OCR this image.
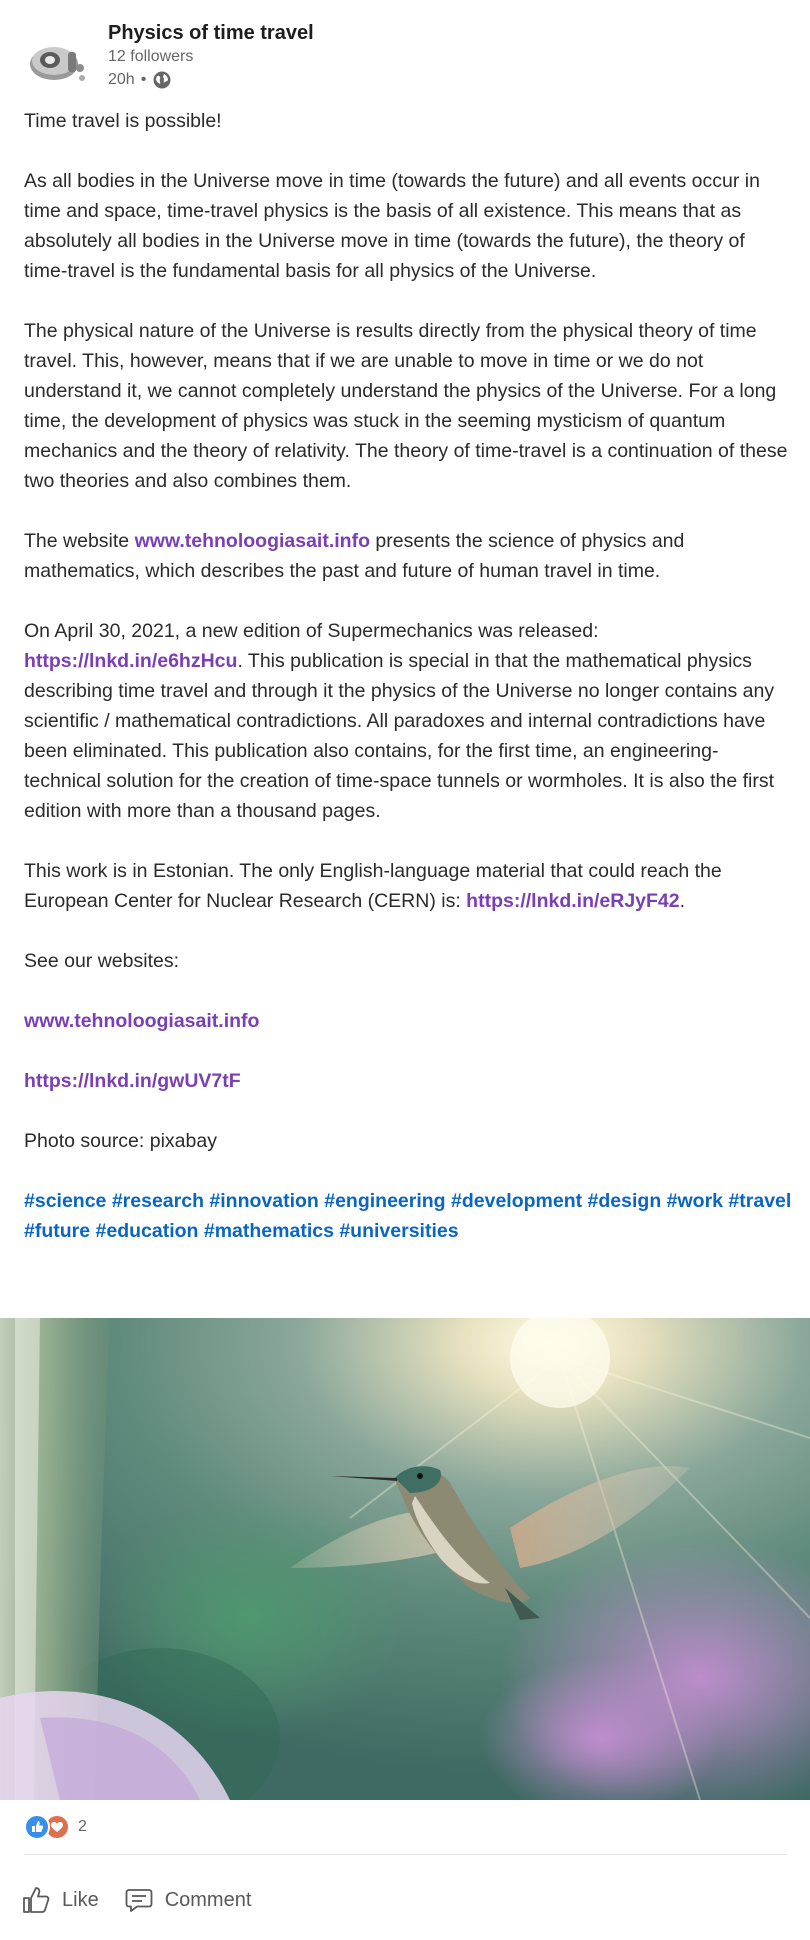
Physics of time travel
12 followers
20h •

Time travel is possible!

As all bodies in the Universe move in time (towards the future) and all events occur in time and space, time-travel physics is the basis of all existence. This means that as absolutely all bodies in the Universe move in time (towards the future), the theory of time-travel is the fundamental basis for all physics of the Universe.

The physical nature of the Universe is results directly from the physical theory of time travel. This, however, means that if we are unable to move in time or we do not understand it, we cannot completely understand the physics of the Universe. For a long time, the development of physics was stuck in the seeming mysticism of quantum mechanics and the theory of relativity. The theory of time-travel is a continuation of these two theories and also combines them.

The website www.tehnoloogiasait.info presents the science of physics and mathematics, which describes the past and future of human travel in time.

On April 30, 2021, a new edition of Supermechanics was released: https://lnkd.in/e6hzHcu. This publication is special in that the mathematical physics describing time travel and through it the physics of the Universe no longer contains any scientific / mathematical contradictions. All paradoxes and internal contradictions have been eliminated. This publication also contains, for the first time, an engineering-technical solution for the creation of time-space tunnels or wormholes. It is also the first edition with more than a thousand pages.

This work is in Estonian. The only English-language material that could reach the European Center for Nuclear Research (CERN) is: https://lnkd.in/eRJyF42.

See our websites:

www.tehnoloogiasait.info

https://lnkd.in/gwUV7tF

Photo source: pixabay

#science #research #innovation #engineering #development #design #work #travel #future #education #mathematics #universities

2
Like	Comment
